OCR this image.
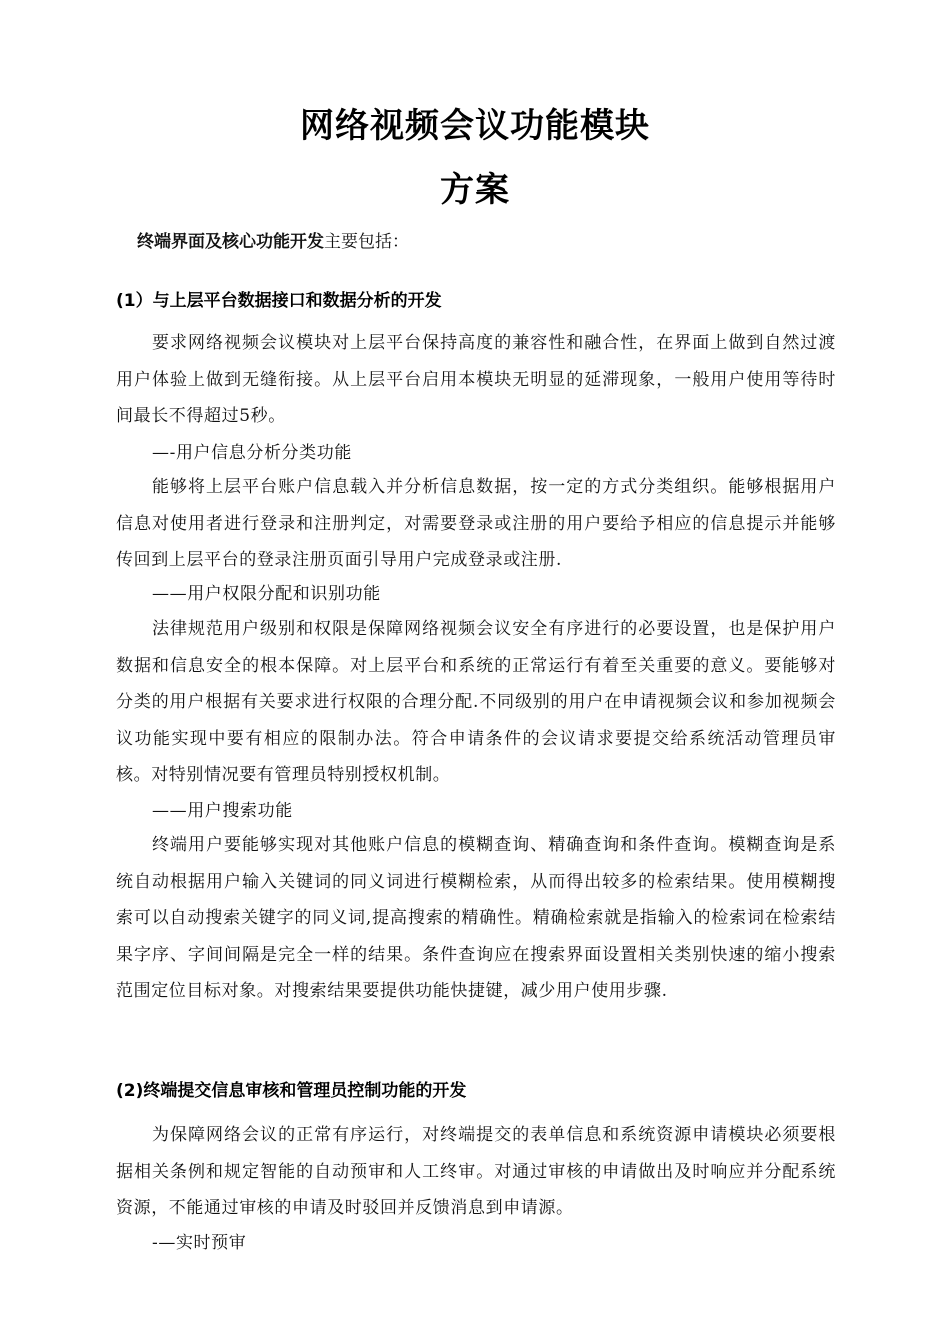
网络视频会议功能模块
方案
终端界面及核心功能开发主要包括：
(1）与上层平台数据接口和数据分析的开发

要求网络视频会议模块对上层平台保持高度的兼容性和融合性，在界面上做到自然过渡用户体验上做到无缝衔接。从上层平台启用本模块无明显的延滞现象，一般用户使用等待时间最长不得超过5秒。

—-用户信息分析分类功能

能够将上层平台账户信息载入并分析信息数据，按一定的方式分类组织。能够根据用户信息对使用者进行登录和注册判定，对需要登录或注册的用户要给予相应的信息提示并能够传回到上层平台的登录注册页面引导用户完成登录或注册.

——用户权限分配和识别功能

法律规范用户级别和权限是保障网络视频会议安全有序进行的必要设置，也是保护用户数据和信息安全的根本保障。对上层平台和系统的正常运行有着至关重要的意义。要能够对分类的用户根据有关要求进行权限的合理分配.不同级别的用户在申请视频会议和参加视频会议功能实现中要有相应的限制办法。符合申请条件的会议请求要提交给系统活动管理员审核。对特别情况要有管理员特别授权机制。

——用户搜索功能

终端用户要能够实现对其他账户信息的模糊查询、精确查询和条件查询。模糊查询是系统自动根据用户输入关键词的同义词进行模糊检索，从而得出较多的检索结果。使用模糊搜索可以自动搜索关键字的同义词,提高搜索的精确性。精确检索就是指输入的检索词在检索结果字序、字间间隔是完全一样的结果。条件查询应在搜索界面设置相关类别快速的缩小搜索范围定位目标对象。对搜索结果要提供功能快捷键，减少用户使用步骤.

(2)终端提交信息审核和管理员控制功能的开发

为保障网络会议的正常有序运行，对终端提交的表单信息和系统资源申请模块必须要根据相关条例和规定智能的自动预审和人工终审。对通过审核的申请做出及时响应并分配系统资源，不能通过审核的申请及时驳回并反馈消息到申请源。

-—实时预审
